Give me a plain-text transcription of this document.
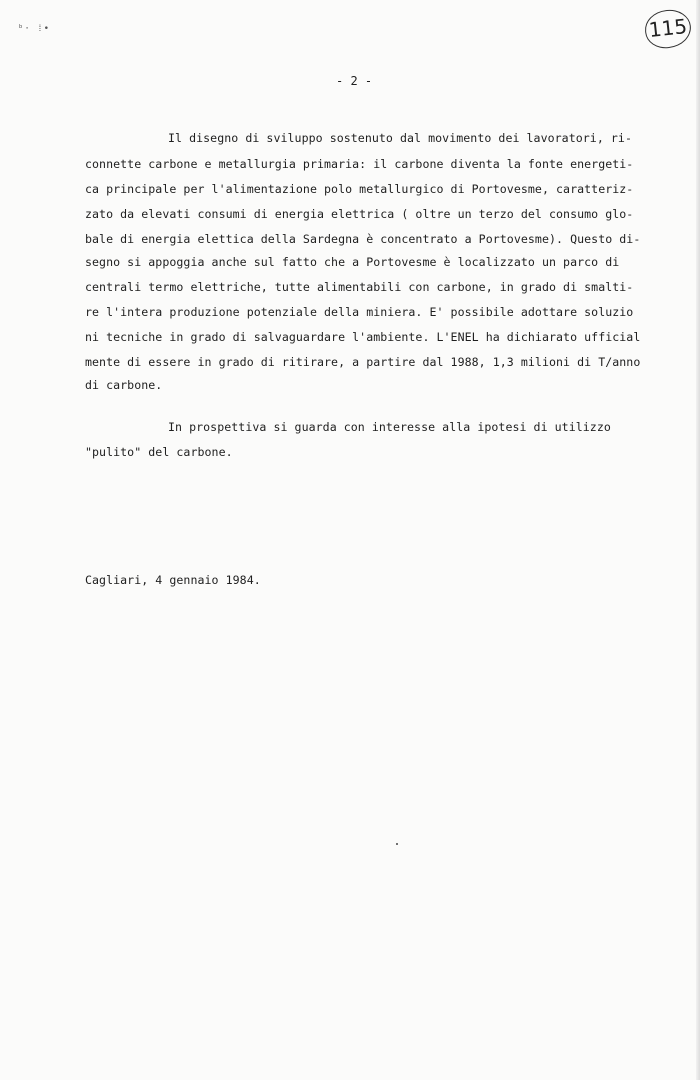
ᵇ· ⁞•	115
- 2 -
Il disegno di sviluppo sostenuto dal movimento dei lavoratori, ri-
connette carbone e metallurgia primaria: il carbone diventa la fonte energeti-
ca principale per l'alimentazione polo metallurgico di Portovesme, caratteriz-
zato da elevati consumi di energia elettrica ( oltre un terzo del consumo glo-
bale di energia elettica della Sardegna è concentrato a Portovesme). Questo di-
segno si appoggia anche sul fatto che a Portovesme è localizzato un parco di
centrali termo elettriche, tutte alimentabili con carbone, in grado di smalti-
re l'intera produzione potenziale della miniera. E' possibile adottare soluzio
ni tecniche in grado di salvaguardare l'ambiente. L'ENEL ha dichiarato ufficial
mente di essere in grado di ritirare, a partire dal 1988, 1,3 milioni di T/anno
di carbone.
In prospettiva si guarda con interesse alla ipotesi di utilizzo
"pulito" del carbone.
Cagliari, 4 gennaio 1984.
